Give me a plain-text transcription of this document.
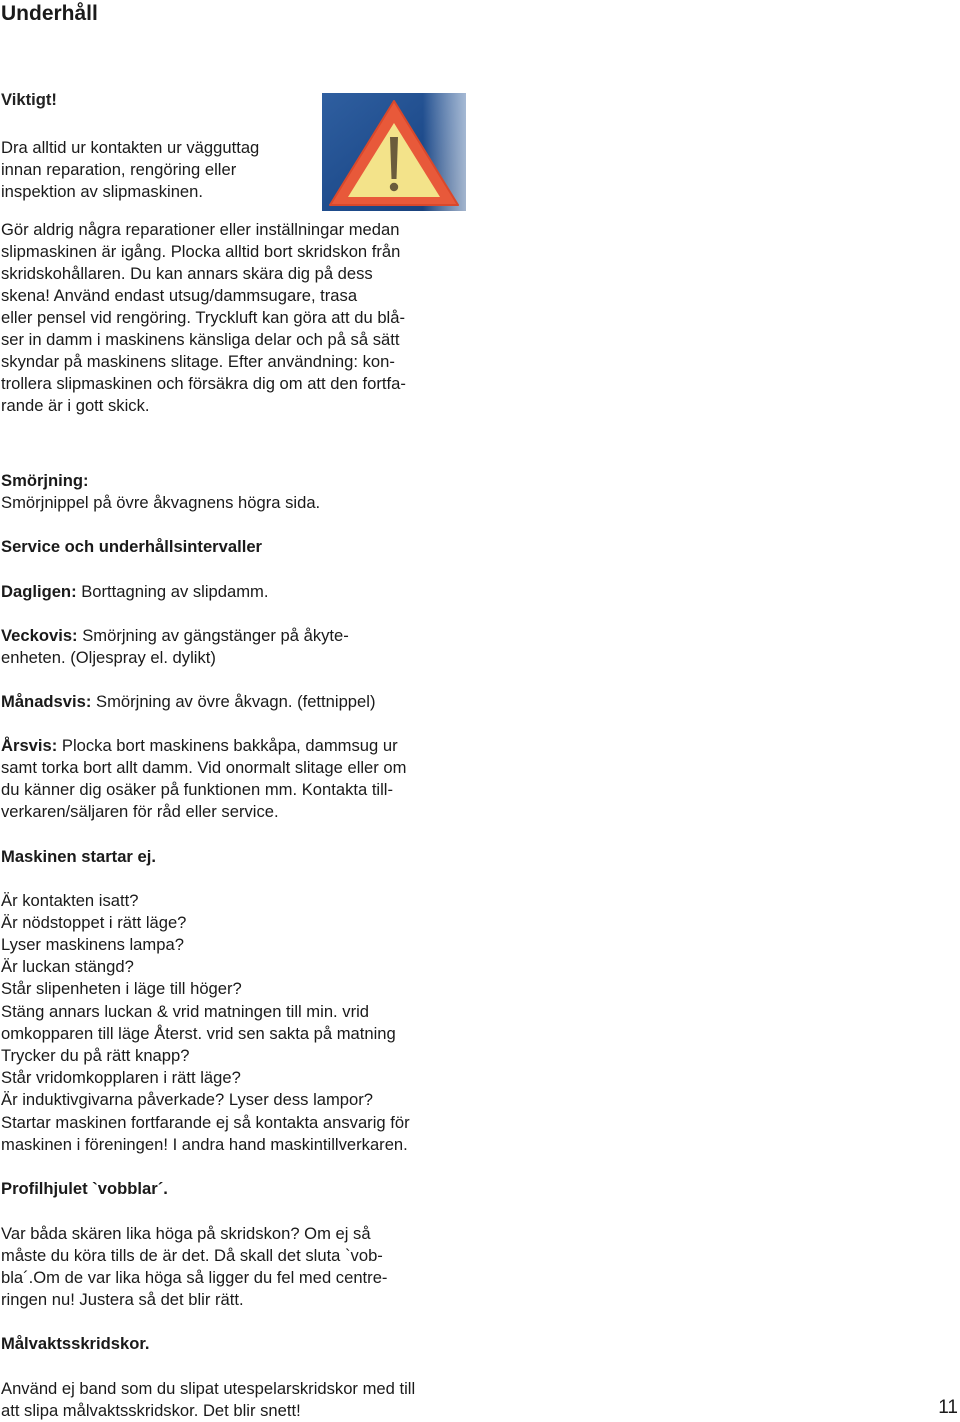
Underhåll

Viktigt!

Dra alltid ur kontakten ur vägguttag

innan reparation, rengöring eller

inspektion av slipmaskinen.

Gör aldrig några reparationer eller inställningar medan

slipmaskinen är igång. Plocka alltid bort skridskon från

skridskohållaren. Du kan annars skära dig på dess

skena! Använd endast utsug/dammsugare, trasa

eller pensel vid rengöring. Tryckluft kan göra att du blå-

ser in damm i maskinens känsliga delar och på så sätt

skyndar på maskinens slitage. Efter användning: kon-

trollera slipmaskinen och försäkra dig om att den fortfa-

rande är i gott skick.

Smörjning:

Smörjnippel på övre åkvagnens högra sida.

Service och underhållsintervaller

Dagligen: Borttagning av slipdamm.

Veckovis: Smörjning av gängstänger på åkyte-

enheten. (Oljespray el. dylikt)

Månadsvis: Smörjning av övre åkvagn. (fettnippel)

Årsvis: Plocka bort maskinens bakkåpa, dammsug ur

samt torka bort allt damm. Vid onormalt slitage eller om

du känner dig osäker på funktionen mm. Kontakta till-

verkaren/säljaren för råd eller service.

Maskinen startar ej.

Är kontakten isatt?

Är nödstoppet i rätt läge?

Lyser maskinens lampa?

Är luckan stängd?

Står slipenheten i läge till höger?

Stäng annars luckan & vrid matningen till min. vrid

omkopparen till läge Återst. vrid sen sakta på matning

Trycker du på rätt knapp?

Står vridomkopplaren i rätt läge?

Är induktivgivarna påverkade? Lyser dess lampor?

Startar maskinen fortfarande ej så kontakta ansvarig för

maskinen i föreningen! I andra hand maskintillverkaren.

Profilhjulet `vobblar´.

Var båda skären lika höga på skridskon? Om ej så

måste du köra tills de är det. Då skall det sluta `vob-

bla´.Om de var lika höga så ligger du fel med centre-

ringen nu! Justera så det blir rätt.

Målvaktsskridskor.

Använd ej band som du slipat utespelarskridskor med till

att slipa målvaktsskridskor. Det blir snett!	11
